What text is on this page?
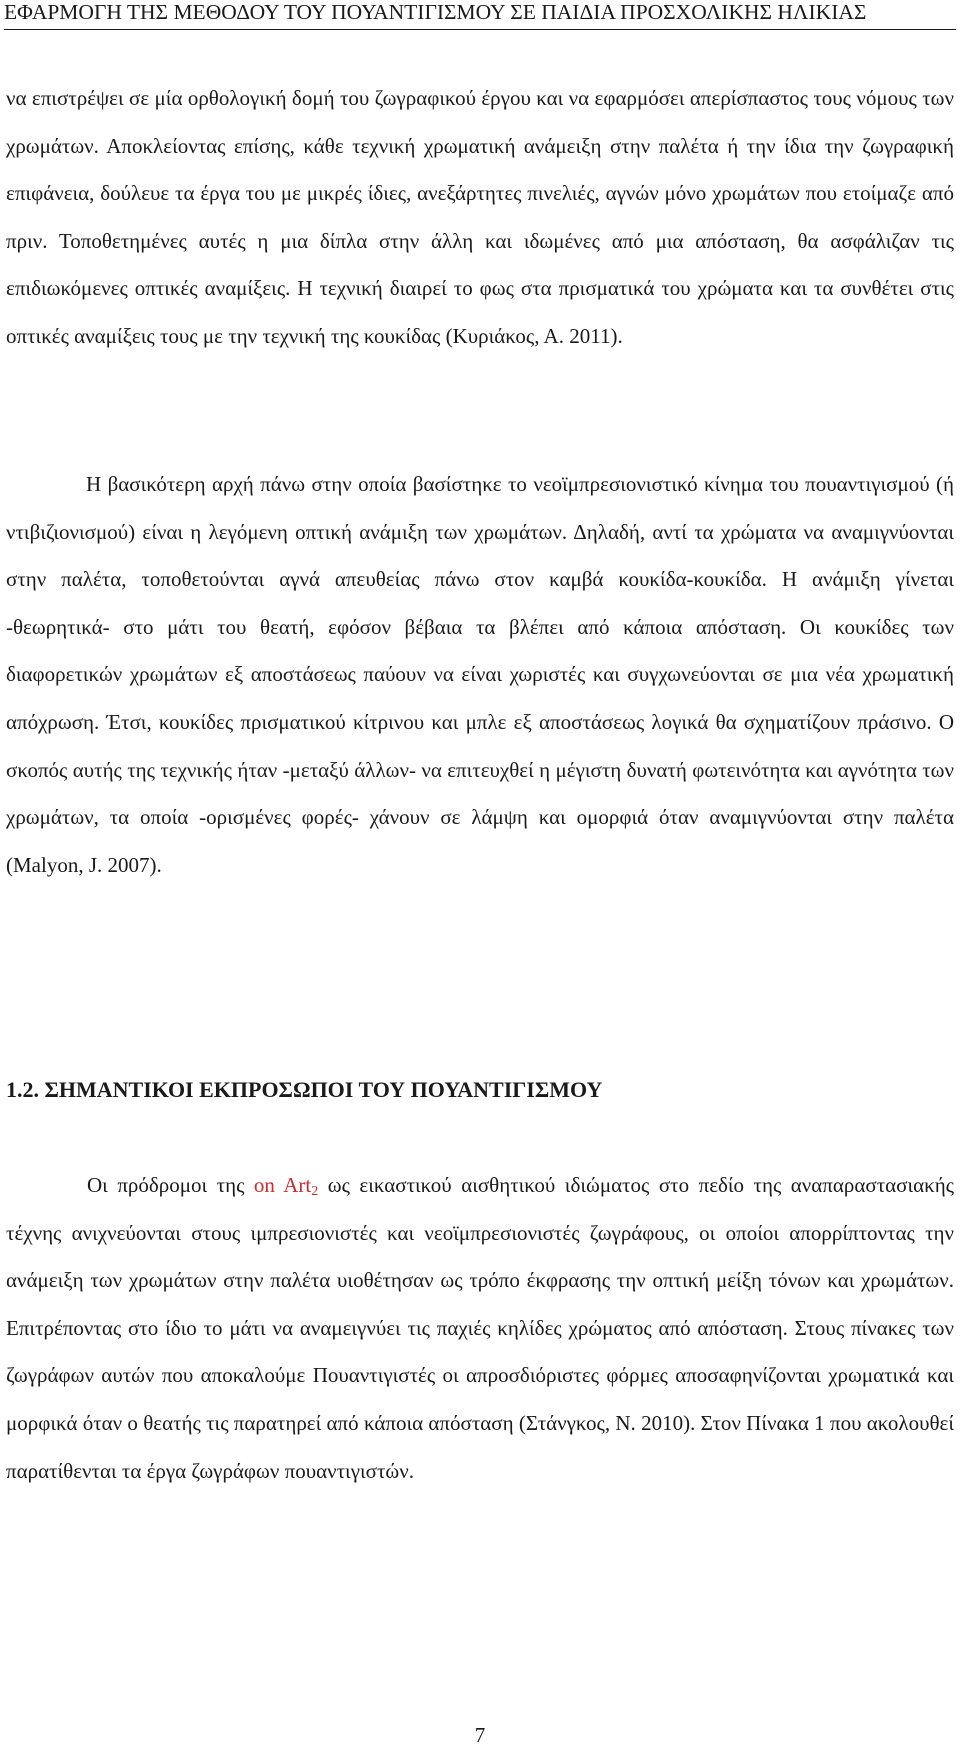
ΕΦΑΡΜΟΓΗ ΤΗΣ ΜΕΘΟΔΟΥ ΤΟΥ ΠΟΥΑΝΤΙΓΙΣΜΟΥ ΣΕ ΠΑΙΔΙΑ ΠΡΟΣΧΟΛΙΚΗΣ ΗΛΙΚΙΑΣ

να επιστρέψει σε μία ορθολογική δομή του ζωγραφικού έργου και να εφαρμόσει απερίσπαστος τους νόμους των χρωμάτων. Αποκλείοντας επίσης, κάθε τεχνική χρωματική ανάμειξη στην παλέτα ή την ίδια την ζωγραφική επιφάνεια, δούλευε τα έργα του με μικρές ίδιες, ανεξάρτητες πινελιές, αγνών μόνο χρωμάτων που ετοίμαζε από πριν. Τοποθετημένες αυτές η μια δίπλα στην άλλη και ιδωμένες από μια απόσταση, θα ασφάλιζαν τις επιδιωκόμενες οπτικές αναμίξεις. Η τεχνική διαιρεί το φως στα πρισματικά του χρώματα και τα συνθέτει στις οπτικές αναμίξεις τους με την τεχνική της κουκίδας (Κυριάκος, Α. 2011).

Η βασικότερη αρχή πάνω στην οποία βασίστηκε το νεοϊμπρεσιονιστικό κίνημα του πουαντιγισμού (ή ντιβιζιονισμού) είναι η λεγόμενη οπτική ανάμιξη των χρωμάτων. Δηλαδή, αντί τα χρώματα να αναμιγνύονται στην παλέτα, τοποθετούνται αγνά απευθείας πάνω στον καμβά κουκίδα-κουκίδα. Η ανάμιξη γίνεται -θεωρητικά- στο μάτι του θεατή, εφόσον βέβαια τα βλέπει από κάποια απόσταση. Οι κουκίδες των διαφορετικών χρωμάτων εξ αποστάσεως παύουν να είναι χωριστές και συγχωνεύονται σε μια νέα χρωματική απόχρωση. Έτσι, κουκίδες πρισματικού κίτρινου και μπλε εξ αποστάσεως λογικά θα σχηματίζουν πράσινο. Ο σκοπός αυτής της τεχνικής ήταν -μεταξύ άλλων- να επιτευχθεί η μέγιστη δυνατή φωτεινότητα και αγνότητα των χρωμάτων, τα οποία -ορισμένες φορές- χάνουν σε λάμψη και ομορφιά όταν αναμιγνύονται στην παλέτα (Malyon, J. 2007).

1.2. ΣΗΜΑΝΤΙΚΟΙ ΕΚΠΡΟΣΩΠΟΙ ΤΟΥ ΠΟΥΑΝΤΙΓΙΣΜΟΥ

Οι πρόδρομοι της on Art$_2$ ως εικαστικού αισθητικού ιδιώματος στο πεδίο της αναπαραστασιακής τέχνης ανιχνεύονται στους ιμπρεσιονιστές και νεοϊμπρεσιονιστές ζωγράφους, οι οποίοι απορρίπτοντας την ανάμειξη των χρωμάτων στην παλέτα υιοθέτησαν ως τρόπο έκφρασης την οπτική μείξη τόνων και χρωμάτων. Επιτρέποντας στο ίδιο το μάτι να αναμειγνύει τις παχιές κηλίδες χρώματος από απόσταση. Στους πίνακες των ζωγράφων αυτών που αποκαλούμε Πουαντιγιστές οι απροσδιόριστες φόρμες αποσαφηνίζονται χρωματικά και μορφικά όταν ο θεατής τις παρατηρεί από κάποια απόσταση (Στάνγκος, Ν. 2010). Στον Πίνακα 1 που ακολουθεί παρατίθενται τα έργα ζωγράφων πουαντιγιστών.

7
